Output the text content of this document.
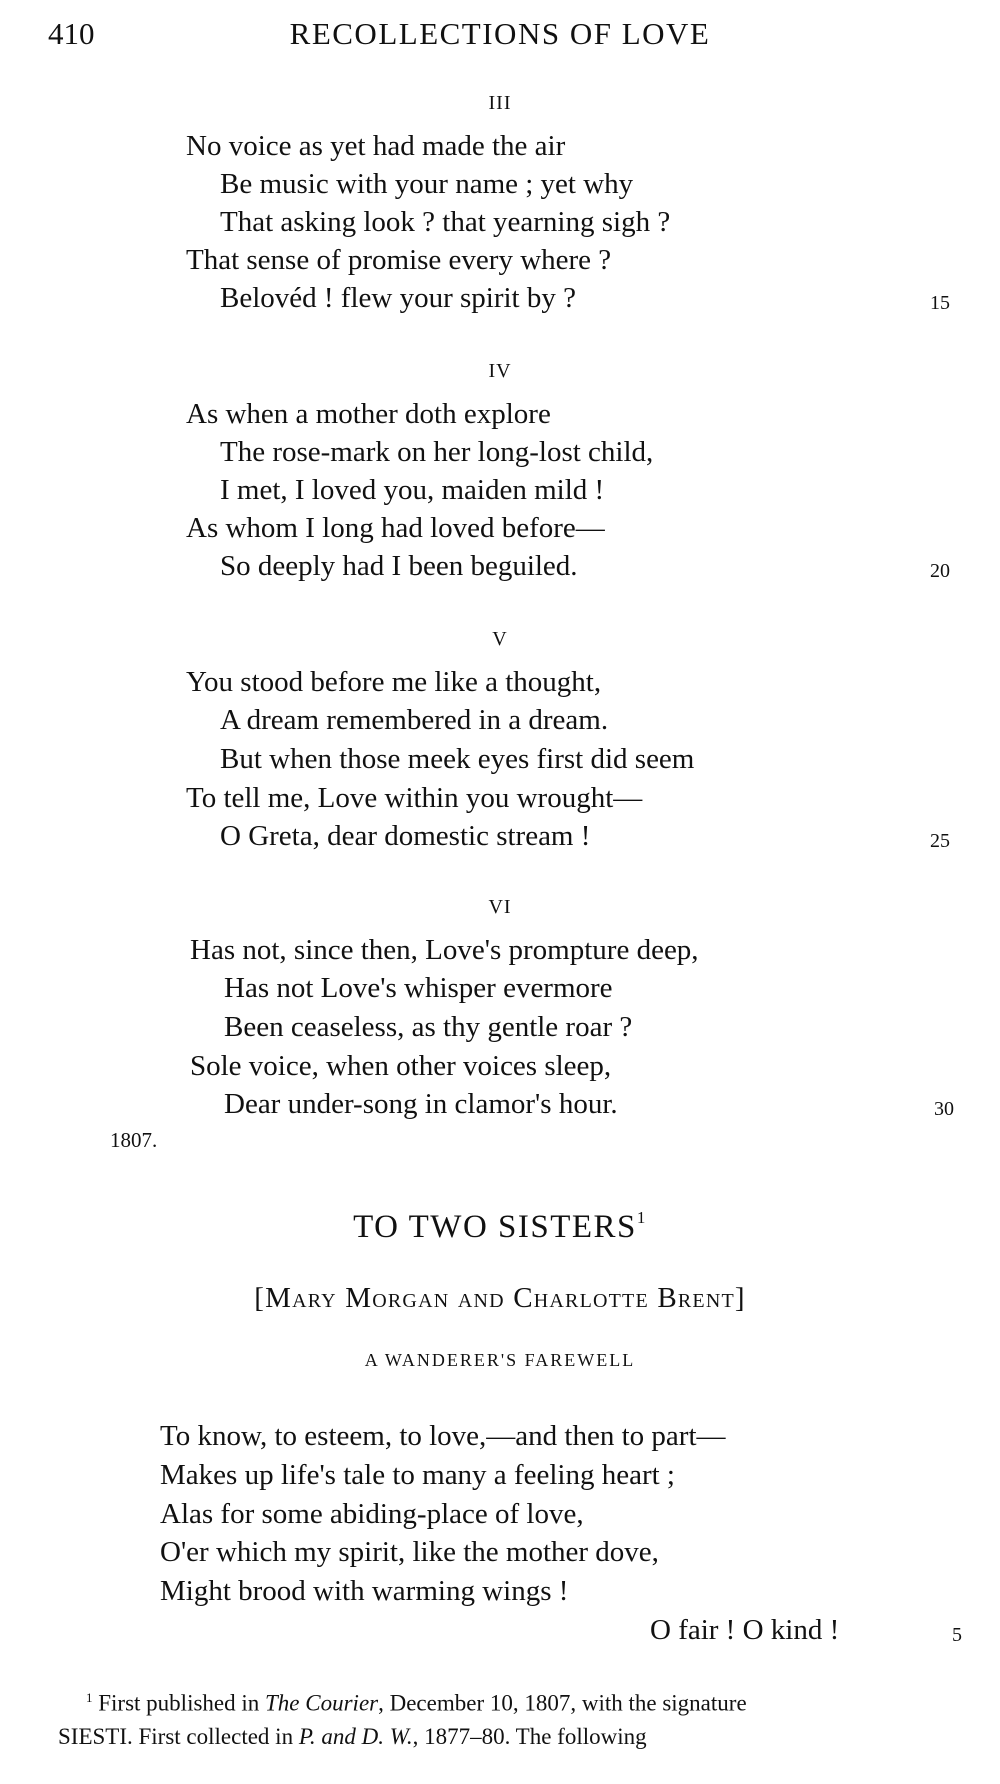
410	RECOLLECTIONS OF LOVE
III
No voice as yet had made the air
Be music with your name ; yet why
That asking look ? that yearning sigh ?
That sense of promise every where ?
Belovéd ! flew your spirit by ?	15
IV
As when a mother doth explore
The rose-mark on her long-lost child,
I met, I loved you, maiden mild !
As whom I long had loved before—
So deeply had I been beguiled.	20
V
You stood before me like a thought,
A dream remembered in a dream.
But when those meek eyes first did seem
To tell me, Love within you wrought—
O Greta, dear domestic stream !	25
VI
Has not, since then, Love's prompture deep,
Has not Love's whisper evermore
Been ceaseless, as thy gentle roar ?
Sole voice, when other voices sleep,
Dear under-song in clamor's hour.	30
1807.
TO TWO SISTERS$^1$
[Mary Morgan and Charlotte Brent]
A WANDERER'S FAREWELL
To know, to esteem, to love,—and then to part—
Makes up life's tale to many a feeling heart ;
Alas for some abiding-place of love,
O'er which my spirit, like the mother dove,
Might brood with warming wings !
O fair ! O kind !	5
$^1$ First published in The Courier, December 10, 1807, with the signature
SIESTI. First collected in P. and D. W., 1877–80. The following
